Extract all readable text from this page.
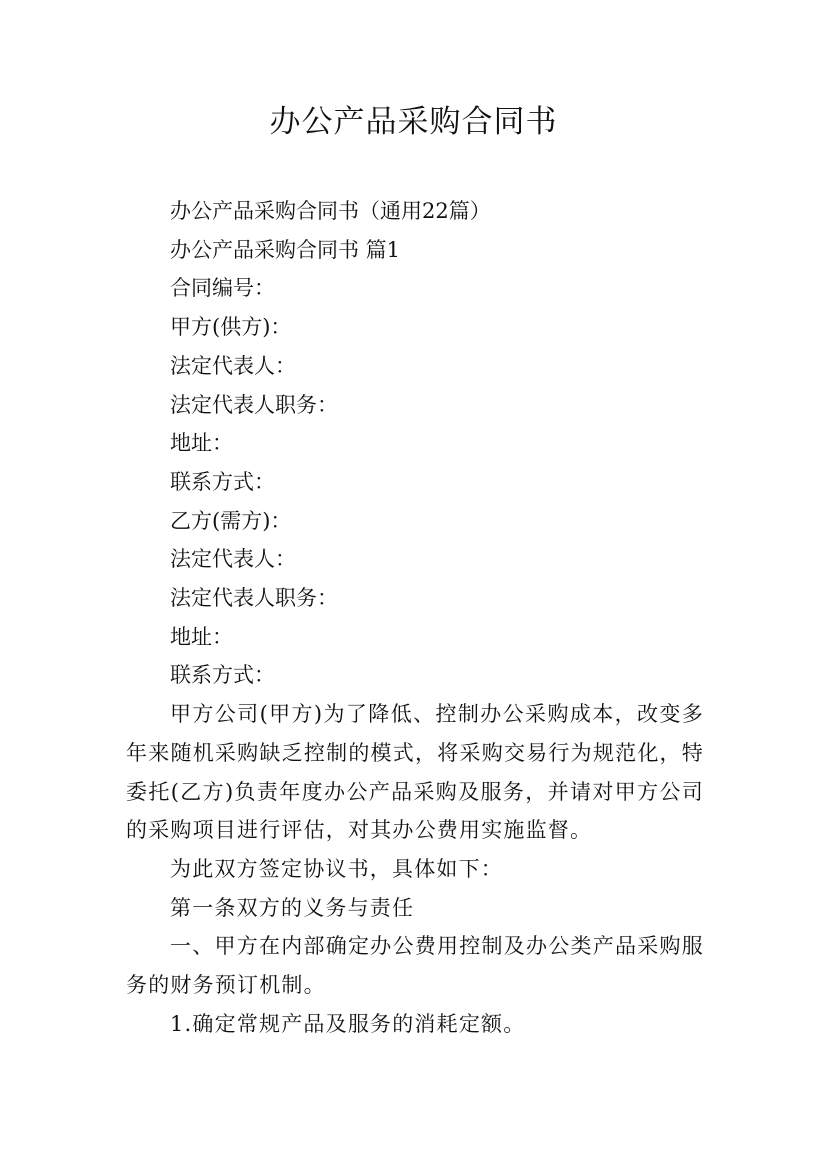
办公产品采购合同书

办公产品采购合同书（通用22篇）

办公产品采购合同书 篇1

合同编号：

甲方(供方)：

法定代表人：

法定代表人职务：

地址：

联系方式：

乙方(需方)：

法定代表人：

法定代表人职务：

地址：

联系方式：

甲方公司(甲方)为了降低、控制办公采购成本，改变多年来随机采购缺乏控制的模式，将采购交易行为规范化，特委托(乙方)负责年度办公产品采购及服务，并请对甲方公司的采购项目进行评估，对其办公费用实施监督。

为此双方签定协议书，具体如下：

第一条双方的义务与责任

一、甲方在内部确定办公费用控制及办公类产品采购服务的财务预订机制。

1.确定常规产品及服务的消耗定额。
